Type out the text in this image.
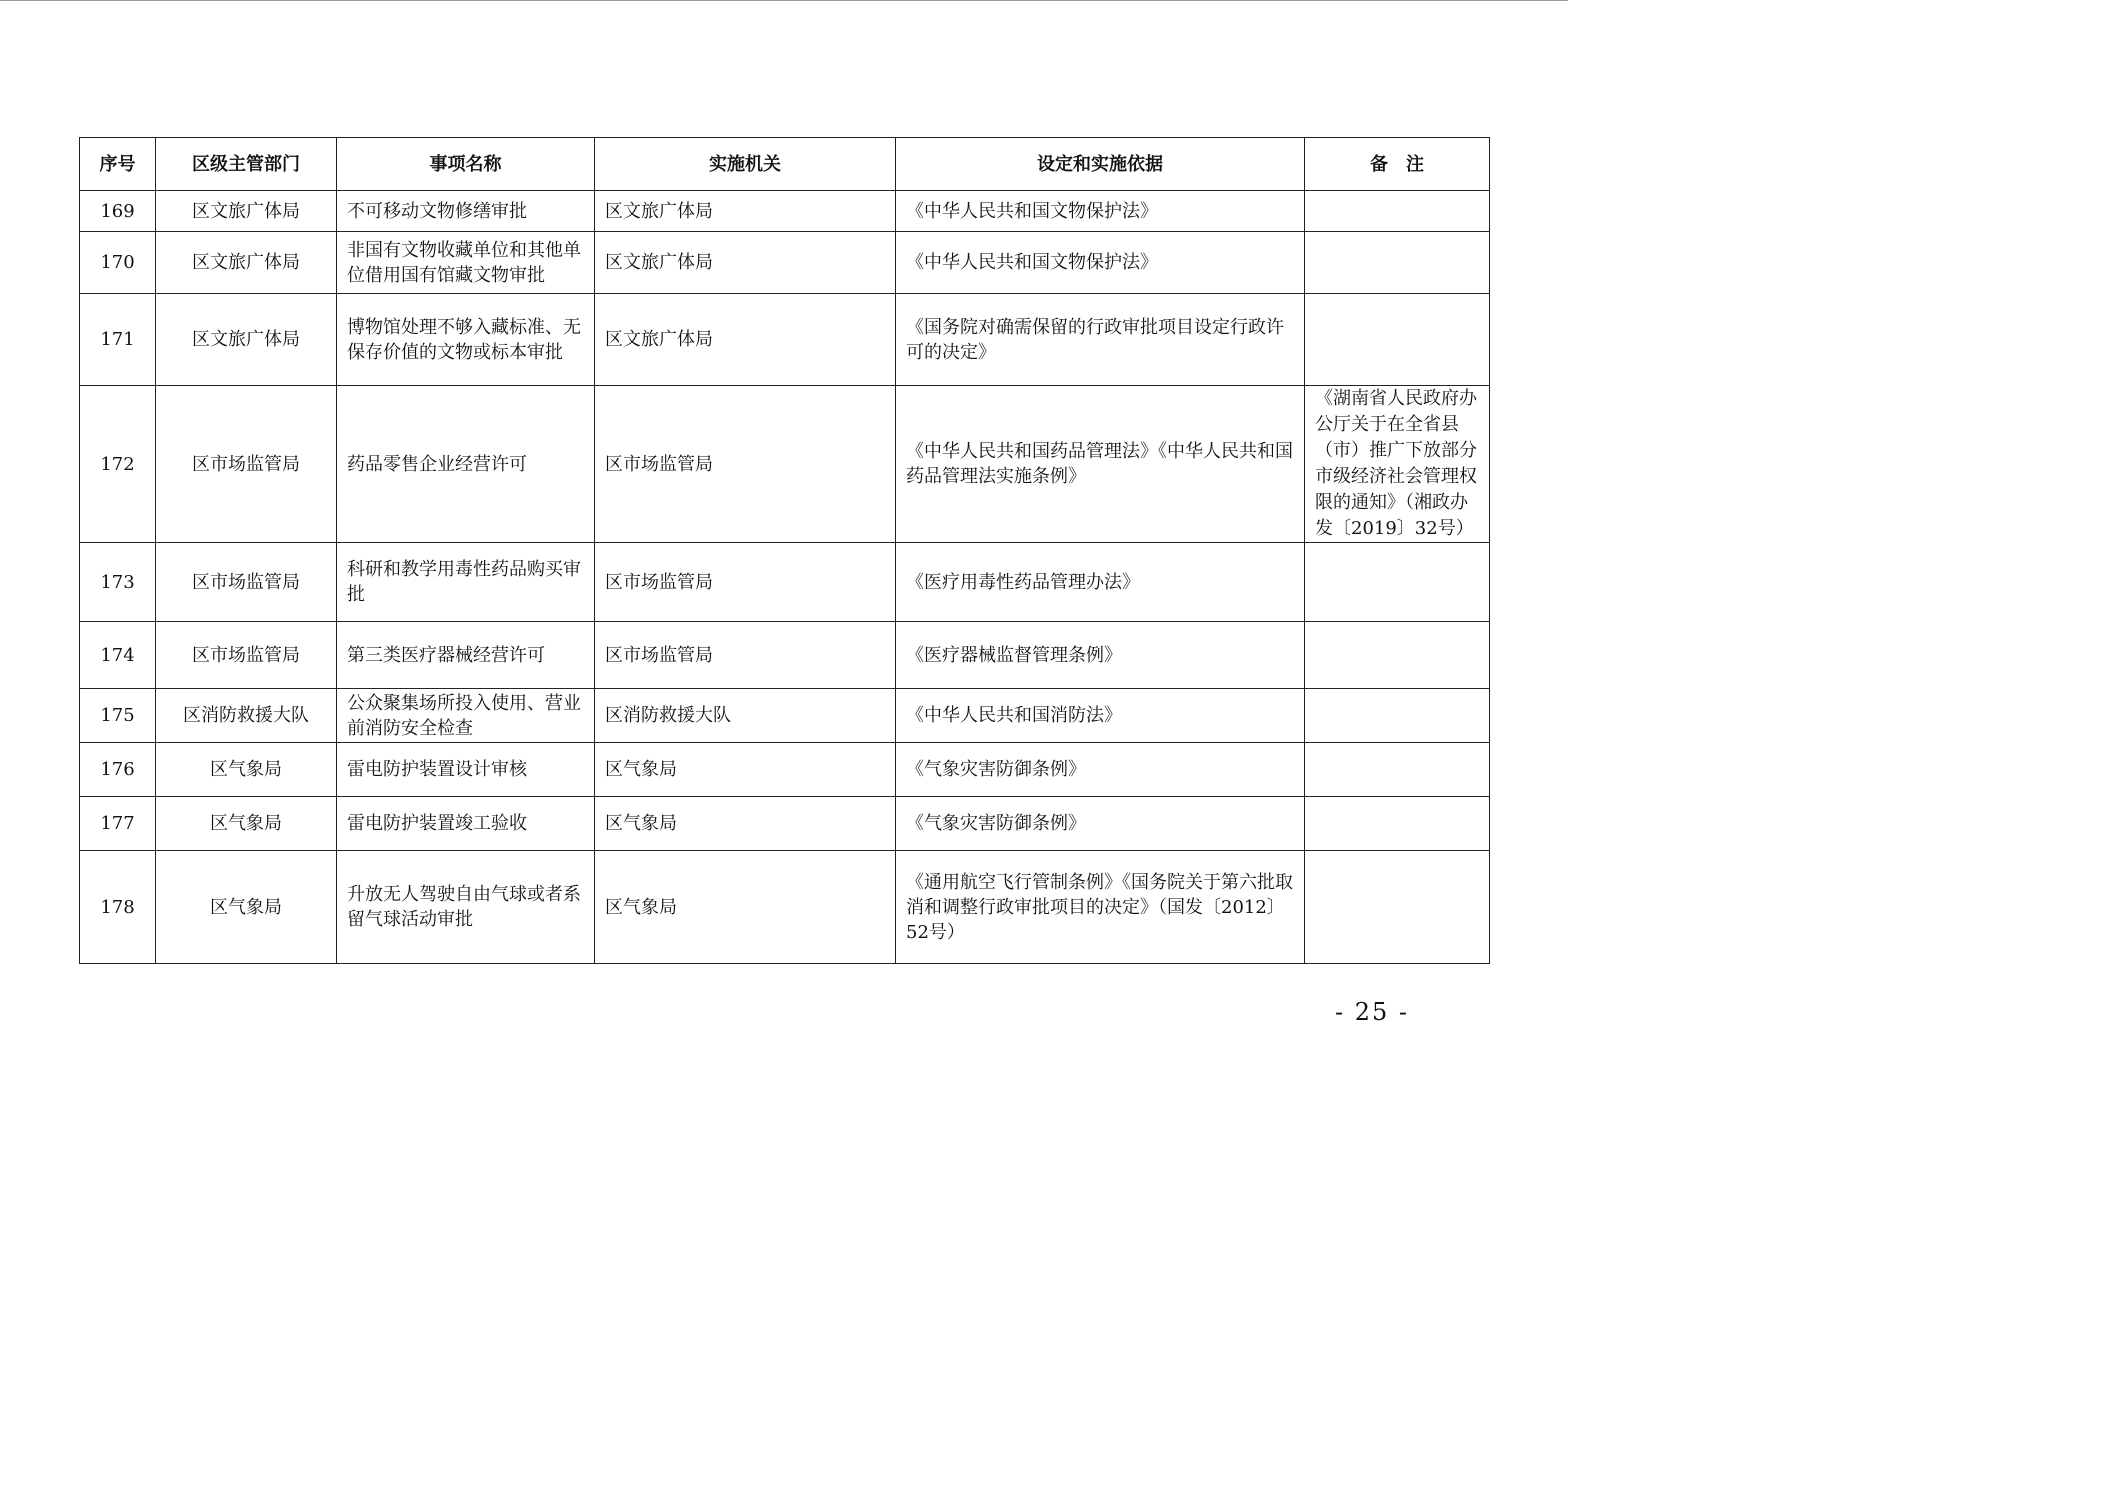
序号	区级主管部门	事项名称	实施机关	设定和实施依据	备　注
169	区文旅广体局	不可移动文物修缮审批	区文旅广体局	《中华人民共和国文物保护法》	
170	区文旅广体局	非国有文物收藏单位和其他单位借用国有馆藏文物审批	区文旅广体局	《中华人民共和国文物保护法》	
171	区文旅广体局	博物馆处理不够入藏标准、无保存价值的文物或标本审批	区文旅广体局	《国务院对确需保留的行政审批项目设定行政许可的决定》	
172	区市场监管局	药品零售企业经营许可	区市场监管局	《中华人民共和国药品管理法》《中华人民共和国药品管理法实施条例》	《湖南省人民政府办公厅关于在全省县（市）推广下放部分市级经济社会管理权限的通知》（湘政办发〔2019〕32号）
173	区市场监管局	科研和教学用毒性药品购买审批	区市场监管局	《医疗用毒性药品管理办法》	
174	区市场监管局	第三类医疗器械经营许可	区市场监管局	《医疗器械监督管理条例》	
175	区消防救援大队	公众聚集场所投入使用、营业前消防安全检查	区消防救援大队	《中华人民共和国消防法》	
176	区气象局	雷电防护装置设计审核	区气象局	《气象灾害防御条例》	
177	区气象局	雷电防护装置竣工验收	区气象局	《气象灾害防御条例》	
178	区气象局	升放无人驾驶自由气球或者系留气球活动审批	区气象局	《通用航空飞行管制条例》《国务院关于第六批取消和调整行政审批项目的决定》（国发〔2012〕52号）	
- 25 -
